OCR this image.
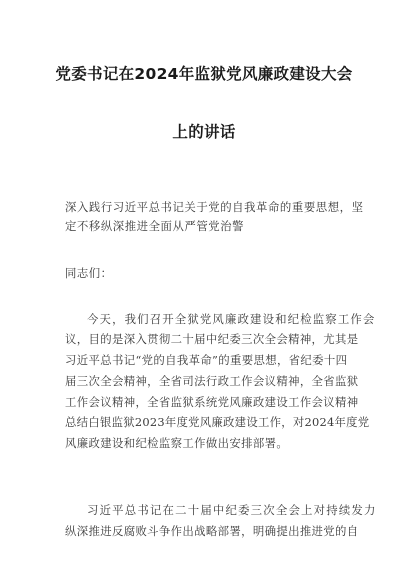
党委书记在2024年监狱党风廉政建设大会
上的讲话
深入践行习近平总书记关于党的自我革命的重要思想，坚
定不移纵深推进全面从严管党治警
同志们：
今天，我们召开全狱党风廉政建设和纪检监察工作会
议，目的是深入贯彻二十届中纪委三次全会精神，尤其是
习近平总书记“党的自我革命”的重要思想，省纪委十四
届三次全会精神，全省司法行政工作会议精神，全省监狱
工作会议精神，全省监狱系统党风廉政建设工作会议精神
总结白银监狱2023年度党风廉政建设工作，对2024年度党
风廉政建设和纪检监察工作做出安排部署。
习近平总书记在二十届中纪委三次全会上对持续发力
纵深推进反腐败斗争作出战略部署，明确提出推进党的自
